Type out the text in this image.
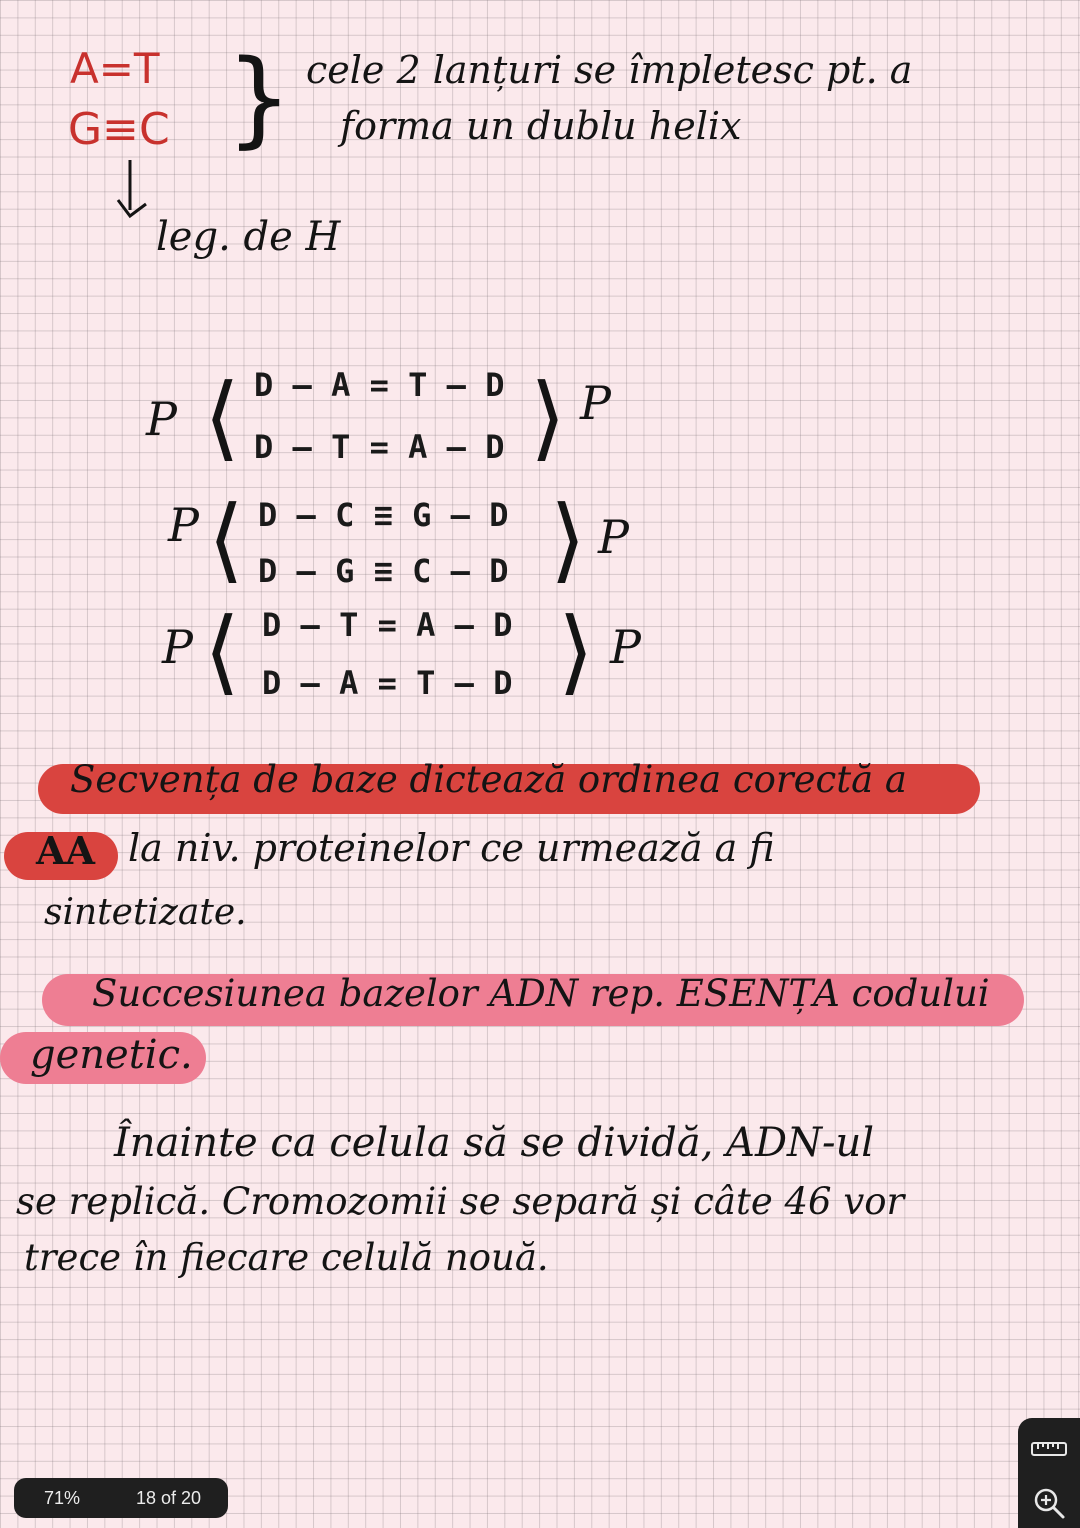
A=T
G≡C } cele 2 lanțuri se împletesc pt. a
forma un dublu helix
leg. de H
P ⟨ D – A = T – D
D – T = A – D ⟩ P
P ⟨ D – C ≡ G – D
D – G ≡ C – D ⟩ P
P ⟨ D – T = A – D
D – A = T – D ⟩ P
Secvența de baze dictează ordinea corectă a
AA la niv. proteinelor ce urmează a fi
sintetizate.
Succesiunea bazelor ADN rep. ESENȚA codului
genetic.
Înainte ca celula să se dividă, ADN-ul
se replică. Cromozomii se separă și câte 46 vor
trece în fiecare celulă nouă.
71%	18 of 20
